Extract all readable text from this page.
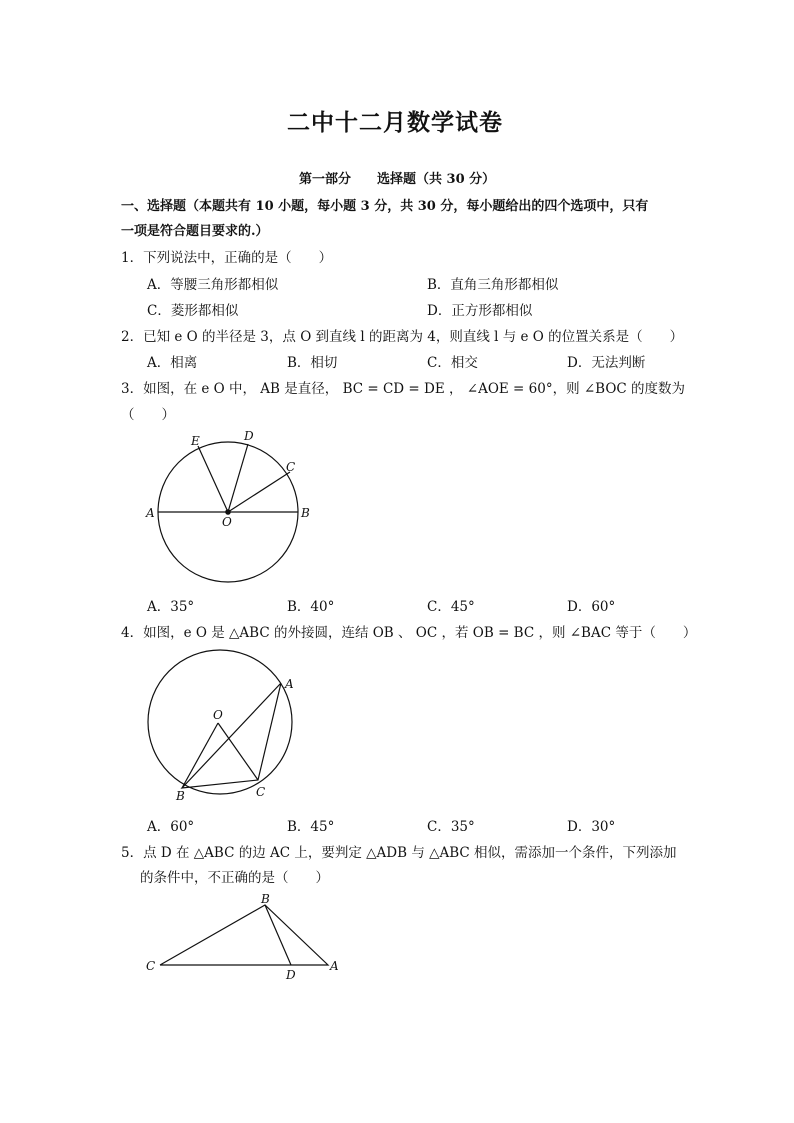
二中十二月数学试卷
第一部分　　选择题（共 30 分）
一、选择题（本题共有 10 小题，每小题 3 分，共 30 分，每小题给出的四个选项中，只有
一项是符合题目要求的.）
1．下列说法中，正确的是（　　）
A．等腰三角形都相似	B．直角三角形都相似
C．菱形都相似	D．正方形都相似
2．已知 e O 的半径是 3，点 O 到直线 l 的距离为 4，则直线 l 与 e O 的位置关系是（　　）
A．相离	B．相切	C．相交	D．无法判断
3．如图，在 e O 中， AB 是直径， BC = CD = DE ， ∠AOE = 60°，则 ∠BOC 的度数为
（　　）
E	D
C
A
O
B
A．35°	B．40°	C．45°	D．60°
4．如图，e O 是 △ABC 的外接圆，连结 OB 、 OC ，若 OB = BC ，则 ∠BAC 等于（　　）
A
O
B	C
A．60°	B．45°	C．35°	D．30°
5．点 D 在 △ABC 的边 AC 上，要判定 △ADB 与 △ABC 相似，需添加一个条件，下列添加
的条件中，不正确的是（　　）
B
C
D
A
